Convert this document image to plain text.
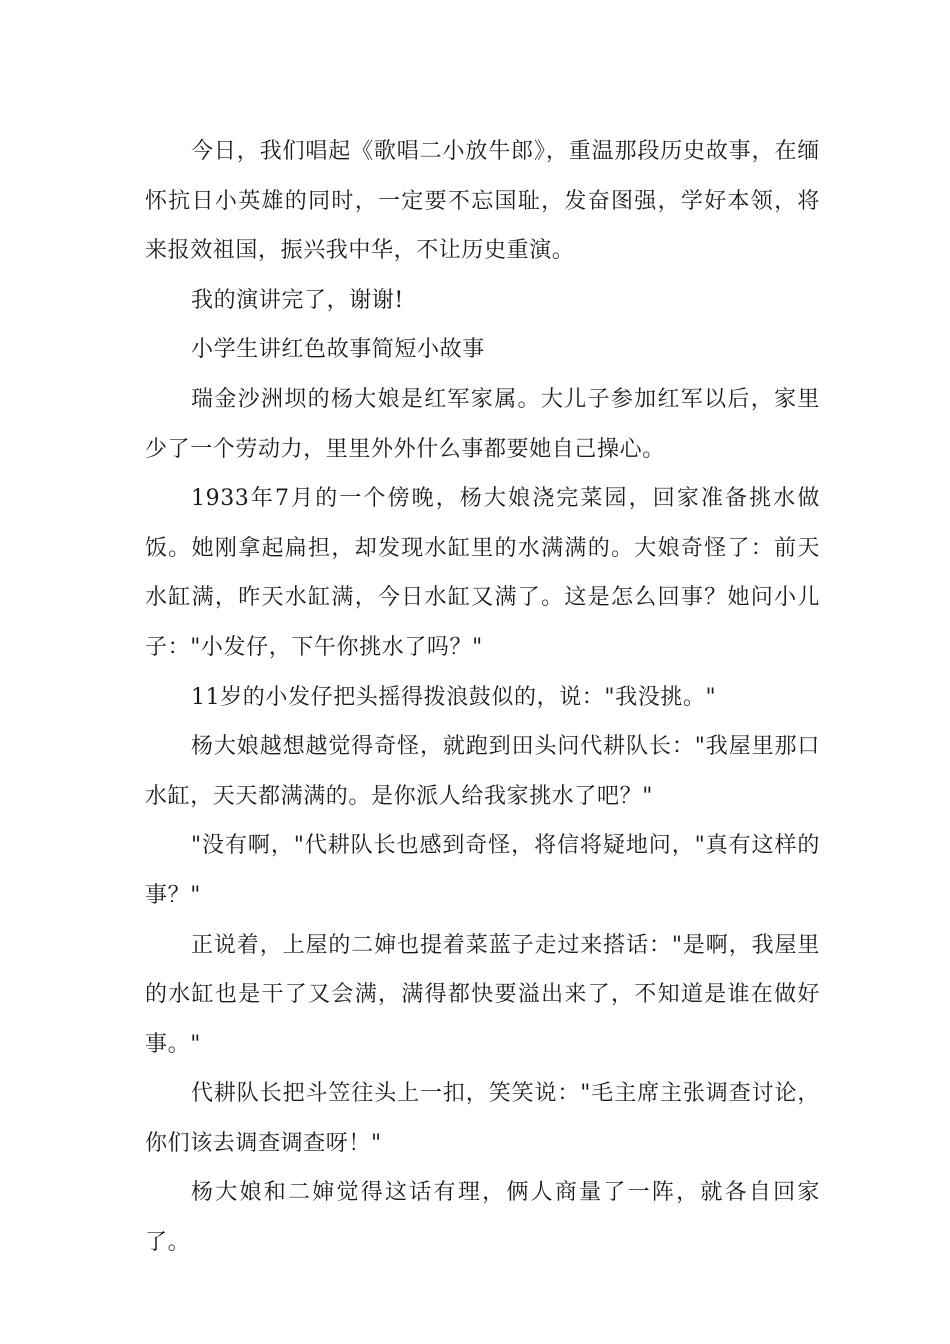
今日，我们唱起《歌唱二小放牛郎》，重温那段历史故事，在缅怀抗日小英雄的同时，一定要不忘国耻，发奋图强，学好本领，将来报效祖国，振兴我中华，不让历史重演。

我的演讲完了，谢谢!

小学生讲红色故事简短小故事

瑞金沙洲坝的杨大娘是红军家属。大儿子参加红军以后，家里少了一个劳动力，里里外外什么事都要她自己操心。

1933年7月的一个傍晚，杨大娘浇完菜园，回家准备挑水做饭。她刚拿起扁担，却发现水缸里的水满满的。大娘奇怪了：前天水缸满，昨天水缸满，今日水缸又满了。这是怎么回事？她问小儿子："小发仔，下午你挑水了吗？"

11岁的小发仔把头摇得拨浪鼓似的，说："我没挑。"

杨大娘越想越觉得奇怪，就跑到田头问代耕队长："我屋里那口水缸，天天都满满的。是你派人给我家挑水了吧？"

"没有啊，"代耕队长也感到奇怪，将信将疑地问，"真有这样的事？"

正说着，上屋的二婶也提着菜蓝子走过来搭话："是啊，我屋里的水缸也是干了又会满，满得都快要溢出来了，不知道是谁在做好事。"

代耕队长把斗笠往头上一扣，笑笑说："毛主席主张调查讨论，你们该去调查调查呀！"

杨大娘和二婶觉得这话有理，俩人商量了一阵，就各自回家了。
